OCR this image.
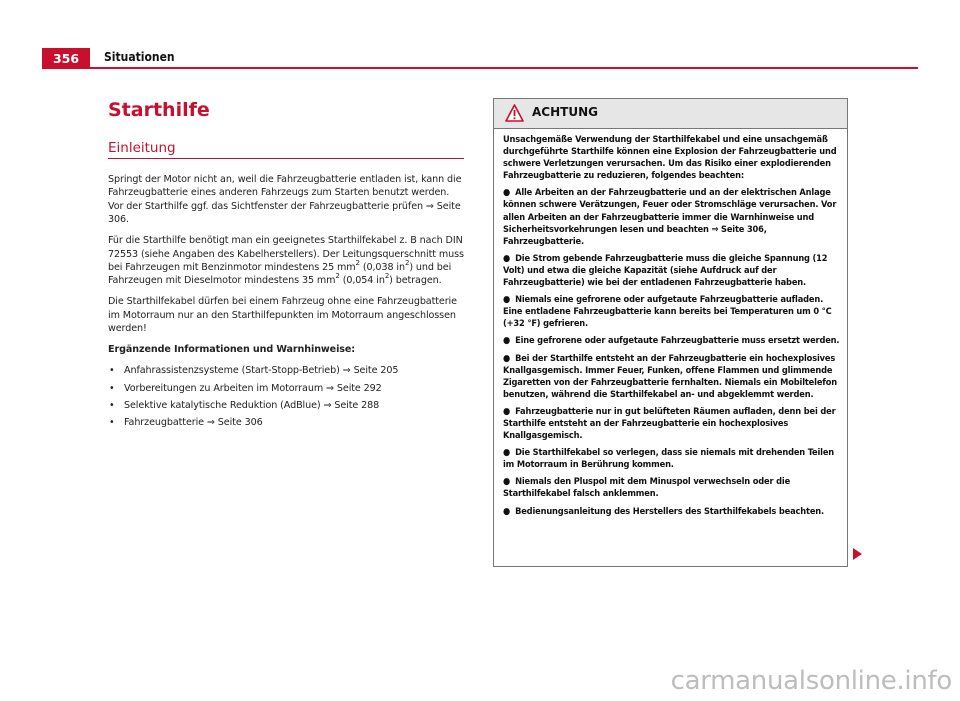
356	Situationen
Starthilfe
Einleitung

Springt der Motor nicht an, weil die Fahrzeugbatterie entladen ist, kann die Fahrzeugbatterie eines anderen Fahrzeugs zum Starten benutzt werden. Vor der Starthilfe ggf. das Sichtfenster der Fahrzeugbatterie prüfen ⇒ Seite 306.

Für die Starthilfe benötigt man ein geeignetes Starthilfekabel z. B nach DIN 72553 (siehe Angaben des Kabelherstellers). Der Leitungsquerschnitt muss bei Fahrzeugen mit Benzinmotor mindestens 25 $mm^2$ (0,038 $in^2$) und bei Fahrzeugen mit Dieselmotor mindestens 35 $mm^2$ (0,054 $in^2$) betragen.

Die Starthilfekabel dürfen bei einem Fahrzeug ohne eine Fahrzeugbatterie im Motorraum nur an den Starthilfepunkten im Motorraum angeschlossen werden!

Ergänzende Informationen und Warnhinweise:

• Anfahrassistenzsysteme (Start-Stopp-Betrieb) ⇒ Seite 205
• Vorbereitungen zu Arbeiten im Motorraum ⇒ Seite 292
• Selektive katalytische Reduktion (AdBlue) ⇒ Seite 288
• Fahrzeugbatterie ⇒ Seite 306
ACHTUNG

Unsachgemäße Verwendung der Starthilfekabel und eine unsachgemäß durchgeführte Starthilfe können eine Explosion der Fahrzeugbatterie und schwere Verletzungen verursachen. Um das Risiko einer explodierenden Fahrzeugbatterie zu reduzieren, folgendes beachten:

● Alle Arbeiten an der Fahrzeugbatterie und an der elektrischen Anlage können schwere Verätzungen, Feuer oder Stromschläge verursachen. Vor allen Arbeiten an der Fahrzeugbatterie immer die Warnhinweise und Sicherheitsvorkehrungen lesen und beachten ⇒ Seite 306, Fahrzeugbatterie.

● Die Strom gebende Fahrzeugbatterie muss die gleiche Spannung (12 Volt) und etwa die gleiche Kapazität (siehe Aufdruck auf der Fahrzeugbatterie) wie bei der entladenen Fahrzeugbatterie haben.

● Niemals eine gefrorene oder aufgetaute Fahrzeugbatterie aufladen. Eine entladene Fahrzeugbatterie kann bereits bei Temperaturen um 0 °C (+32 °F) gefrieren.

● Eine gefrorene oder aufgetaute Fahrzeugbatterie muss ersetzt werden.

● Bei der Starthilfe entsteht an der Fahrzeugbatterie ein hochexplosives Knallgasgemisch. Immer Feuer, Funken, offene Flammen und glimmende Zigaretten von der Fahrzeugbatterie fernhalten. Niemals ein Mobiltelefon benutzen, während die Starthilfekabel an- und abgeklemmt werden.

● Fahrzeugbatterie nur in gut belüfteten Räumen aufladen, denn bei der Starthilfe entsteht an der Fahrzeugbatterie ein hochexplosives Knallgasgemisch.

● Die Starthilfekabel so verlegen, dass sie niemals mit drehenden Teilen im Motorraum in Berührung kommen.

● Niemals den Pluspol mit dem Minuspol verwechseln oder die Starthilfekabel falsch anklemmen.

● Bedienungsanleitung des Herstellers des Starthilfekabels beachten.

carmanualsonline.info
